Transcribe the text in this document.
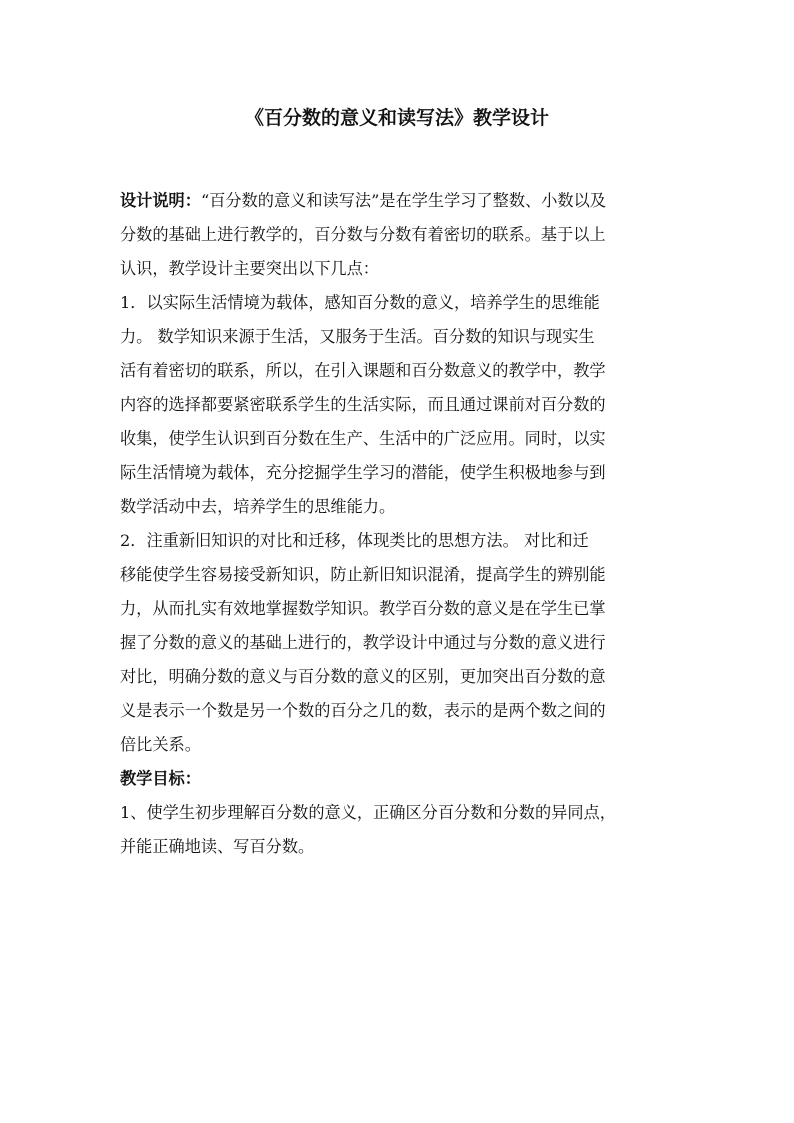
《百分数的意义和读写法》教学设计
设计说明：“百分数的意义和读写法”是在学生学习了整数、小数以及
分数的基础上进行教学的，百分数与分数有着密切的联系。基于以上
认识，教学设计主要突出以下几点：
1．以实际生活情境为载体，感知百分数的意义，培养学生的思维能
力。 数学知识来源于生活，又服务于生活。百分数的知识与现实生
活有着密切的联系，所以，在引入课题和百分数意义的教学中，教学
内容的选择都要紧密联系学生的生活实际，而且通过课前对百分数的
收集，使学生认识到百分数在生产、生活中的广泛应用。同时，以实
际生活情境为载体，充分挖掘学生学习的潜能，使学生积极地参与到
数学活动中去，培养学生的思维能力。
2．注重新旧知识的对比和迁移，体现类比的思想方法。 对比和迁
移能使学生容易接受新知识，防止新旧知识混淆，提高学生的辨别能
力，从而扎实有效地掌握数学知识。教学百分数的意义是在学生已掌
握了分数的意义的基础上进行的，教学设计中通过与分数的意义进行
对比，明确分数的意义与百分数的意义的区别，更加突出百分数的意
义是表示一个数是另一个数的百分之几的数，表示的是两个数之间的
倍比关系。
教学目标：
1、使学生初步理解百分数的意义，正确区分百分数和分数的异同点，
并能正确地读、写百分数。
